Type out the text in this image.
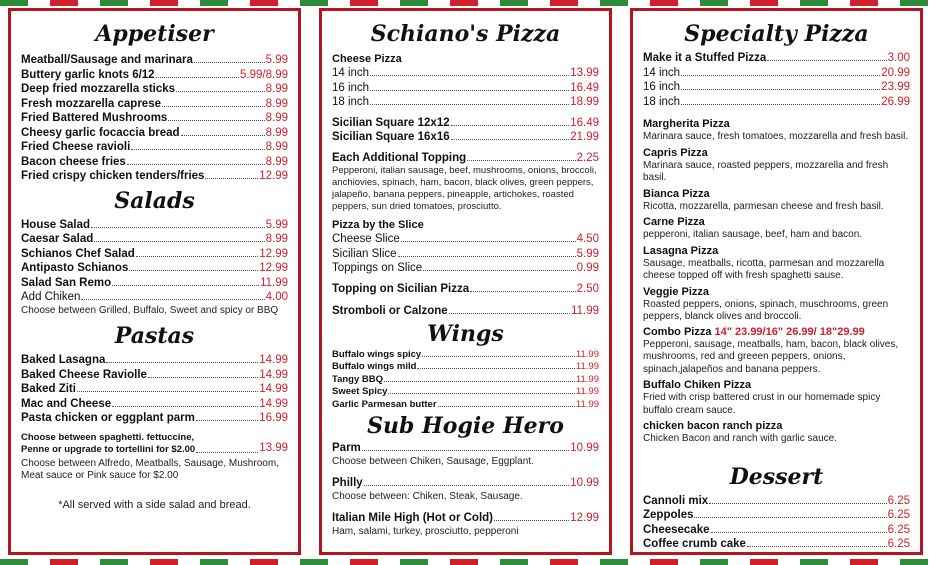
Appetiser
Meatball/Sausage and marinara	5.99
Buttery garlic knots 6/12	5.99/8.99
Deep fried mozzarella sticks	8.99
Fresh mozzarella caprese	8.99
Fried Battered Mushrooms	8.99
Cheesy garlic focaccia bread	8.99
Fried Cheese ravioli	8.99
Bacon cheese fries	8.99
Fried crispy chicken tenders/fries	12.99
Salads
House Salad	5.99
Caesar Salad	8.99
Schianos Chef Salad	12.99
Antipasto Schianos	12.99
Salad San Remo	11.99
Add Chiken	4.00
Choose between Grilled, Buffalo, Sweet and spicy or BBQ
Pastas
Baked Lasagna	14.99
Baked Cheese Raviolle	14.99
Baked Ziti	14.99
Mac and Cheese	14.99
Pasta chicken or eggplant parm	16.99
Choose between spaghetti. fettuccine,
Penne or upgrade to tortellini for $2.00	13.99
Choose between Alfredo, Meatballs, Sausage, Mushroom, Meat sauce or Pink sauce for $2.00
*All served with a side salad and bread.
Schiano's Pizza
Cheese Pizza
14 inch	13.99
16 inch	16.49
18 inch	18.99
Sicilian Square 12x12	16.49
Sicilian Square 16x16	21.99
Each Additional Topping	2.25
Pepperoni, italian sausage, beef, mushrooms, onions, broccoli, anchiovies, spinach, ham, bacon, black olives, green peppers, jalapeño, banana peppers, pineapple, artichokes, roasted peppers, sun dried tomatoes, prosciutto.
Pizza by the Slice
Cheese Slice	4.50
Sicilian Slice	5.99
Toppings on Slice	0.99
Topping on Sicilian Pizza	2.50
Stromboli or Calzone	11.99
Wings
Buffalo wings spicy	11.99
Buffalo wings mild	11.99
Tangy BBQ	11.99
Sweet Spicy	11.99
Garlic Parmesan butter	11.99
Sub Hogie Hero
Parm	10.99
Choose between Chiken, Sausage, Eggplant.
Philly	10.99
Choose between: Chiken, Steak, Sausage.
Italian Mile High (Hot or Cold)	12.99
Ham, salami, turkey, prosciutto, pepperoni
Specialty Pizza
Make it a Stuffed Pizza	3.00
14 inch	20.99
16 inch	23.99
18 inch	26.99
Margherita Pizza
Marinara sauce, fresh tomatoes, mozzarella and fresh basil.
Capris Pizza
Marinara sauce, roasted peppers, mozzarella and fresh basil.
Bianca Pizza
Ricotta, mozzarella, parmesan cheese and fresh basil.
Carne Pizza
pepperoni, italian sausage, beef, ham and bacon.
Lasagna Pizza
Sausage, meatballs, ricotta, parmesan and mozzarella cheese topped off with fresh spaghetti sause.
Veggie Pizza
Roasted peppers, onions, spinach, muschrooms, green peppers, blanck olives and broccoli.
Combo Pizza 14" 23.99/16" 26.99/ 18"29.99
Pepperoni, sausage, meatballs, ham, bacon, black olives, mushrooms, red and greeen peppers, onions, spinach,jalapeños and banana peppers.
Buffalo Chiken Pizza
Fried with crisp battered crust in our homemade spicy buffalo cream sauce.
chicken bacon ranch pizza
Chicken Bacon and ranch with garlic sauce.
Dessert
Cannoli mix	6.25
Zeppoles	6.25
Cheesecake	6.25
Coffee crumb cake	6.25
